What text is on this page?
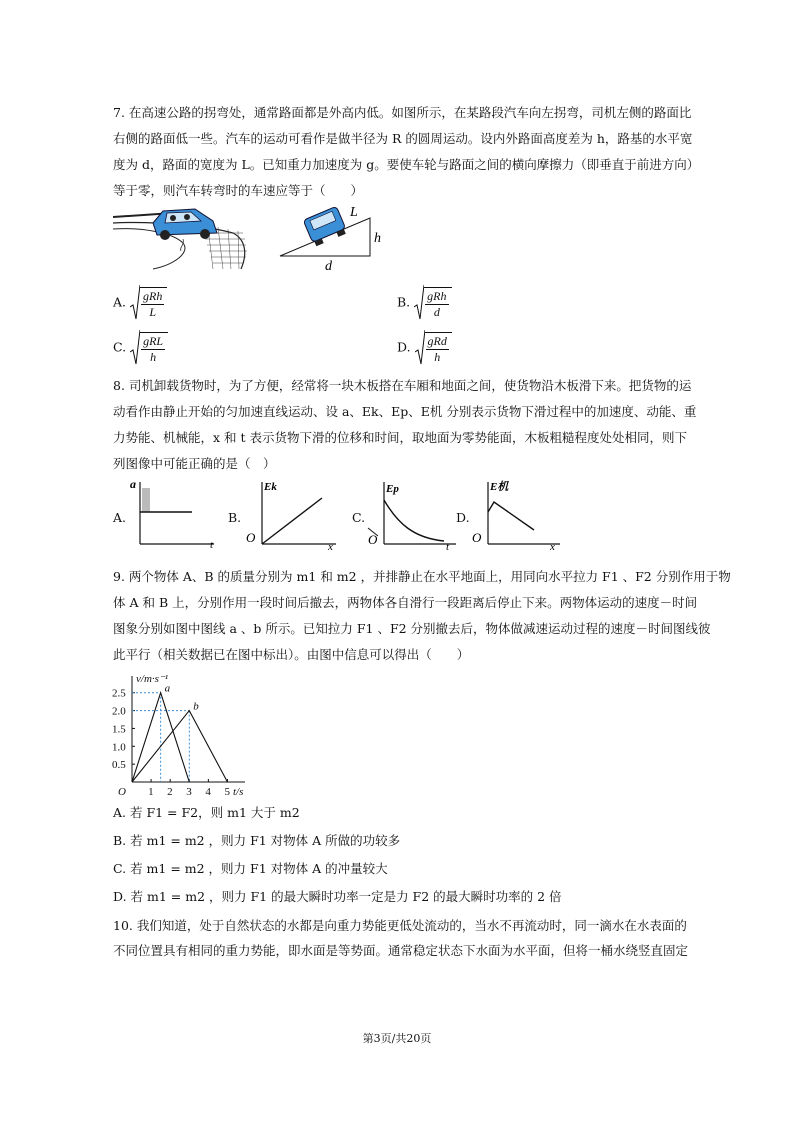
7. 在高速公路的拐弯处，通常路面都是外高内低。如图所示，在某路段汽车向左拐弯，司机左侧的路面比
右侧的路面低一些。汽车的运动可看作是做半径为 R 的圆周运动。设内外路面高度差为 h，路基的水平宽
度为 d，路面的宽度为 L。已知重力加速度为 g。要使车轮与路面之间的横向摩擦力（即垂直于前进方向）
等于零，则汽车转弯时的车速应等于（　　）
L
h
d
A. $\frac{\text{gRh}}{L}$	B. $\frac{\text{gRh}}{d}$
C. $\frac{\text{gRL}}{h}$	D. $\frac{\text{gRd}}{h}$
8. 司机卸载货物时，为了方便，经常将一块木板搭在车厢和地面之间，使货物沿木板滑下来。把货物的运
动看作由静止开始的匀加速直线运动、设 a、Ek、Ep、E机 分别表示货物下滑过程中的加速度、动能、重
力势能、机械能，x 和 t 表示货物下滑的位移和时间，取地面为零势能面，木板粗糙程度处处相同，则下
列图像中可能正确的是（　）
A.
a
t
B.
Ek
O
x
C.
Ep
O	t
D.
E机
O
x
9. 两个物体 A、B 的质量分别为 m1 和 m2 ，并排静止在水平地面上，用同向水平拉力 F1 、F2 分别作用于物
体 A 和 B 上，分别作用一段时间后撤去，两物体各自滑行一段距离后停止下来。两物体运动的速度－时间
图象分别如图中图线 a 、b 所示。已知拉力 F1 、F2 分别撤去后，物体做减速运动过程的速度－时间图线彼
此平行（相关数据已在图中标出）。由图中信息可以得出（　　）
v/m·s⁻¹
t/s
O 1 2 3 4 5
0.5
1.0
1.5
2.0
2.5	a
b
A. 若 F1 = F2，则 m1 大于 m2
B. 若 m1 = m2 ，则力 F1 对物体 A 所做的功较多
C. 若 m1 = m2 ，则力 F1 对物体 A 的冲量较大
D. 若 m1 = m2 ，则力 F1 的最大瞬时功率一定是力 F2 的最大瞬时功率的 2 倍
10. 我们知道，处于自然状态的水都是向重力势能更低处流动的，当水不再流动时，同一滴水在水表面的
不同位置具有相同的重力势能，即水面是等势面。通常稳定状态下水面为水平面，但将一桶水绕竖直固定
第3页/共20页
